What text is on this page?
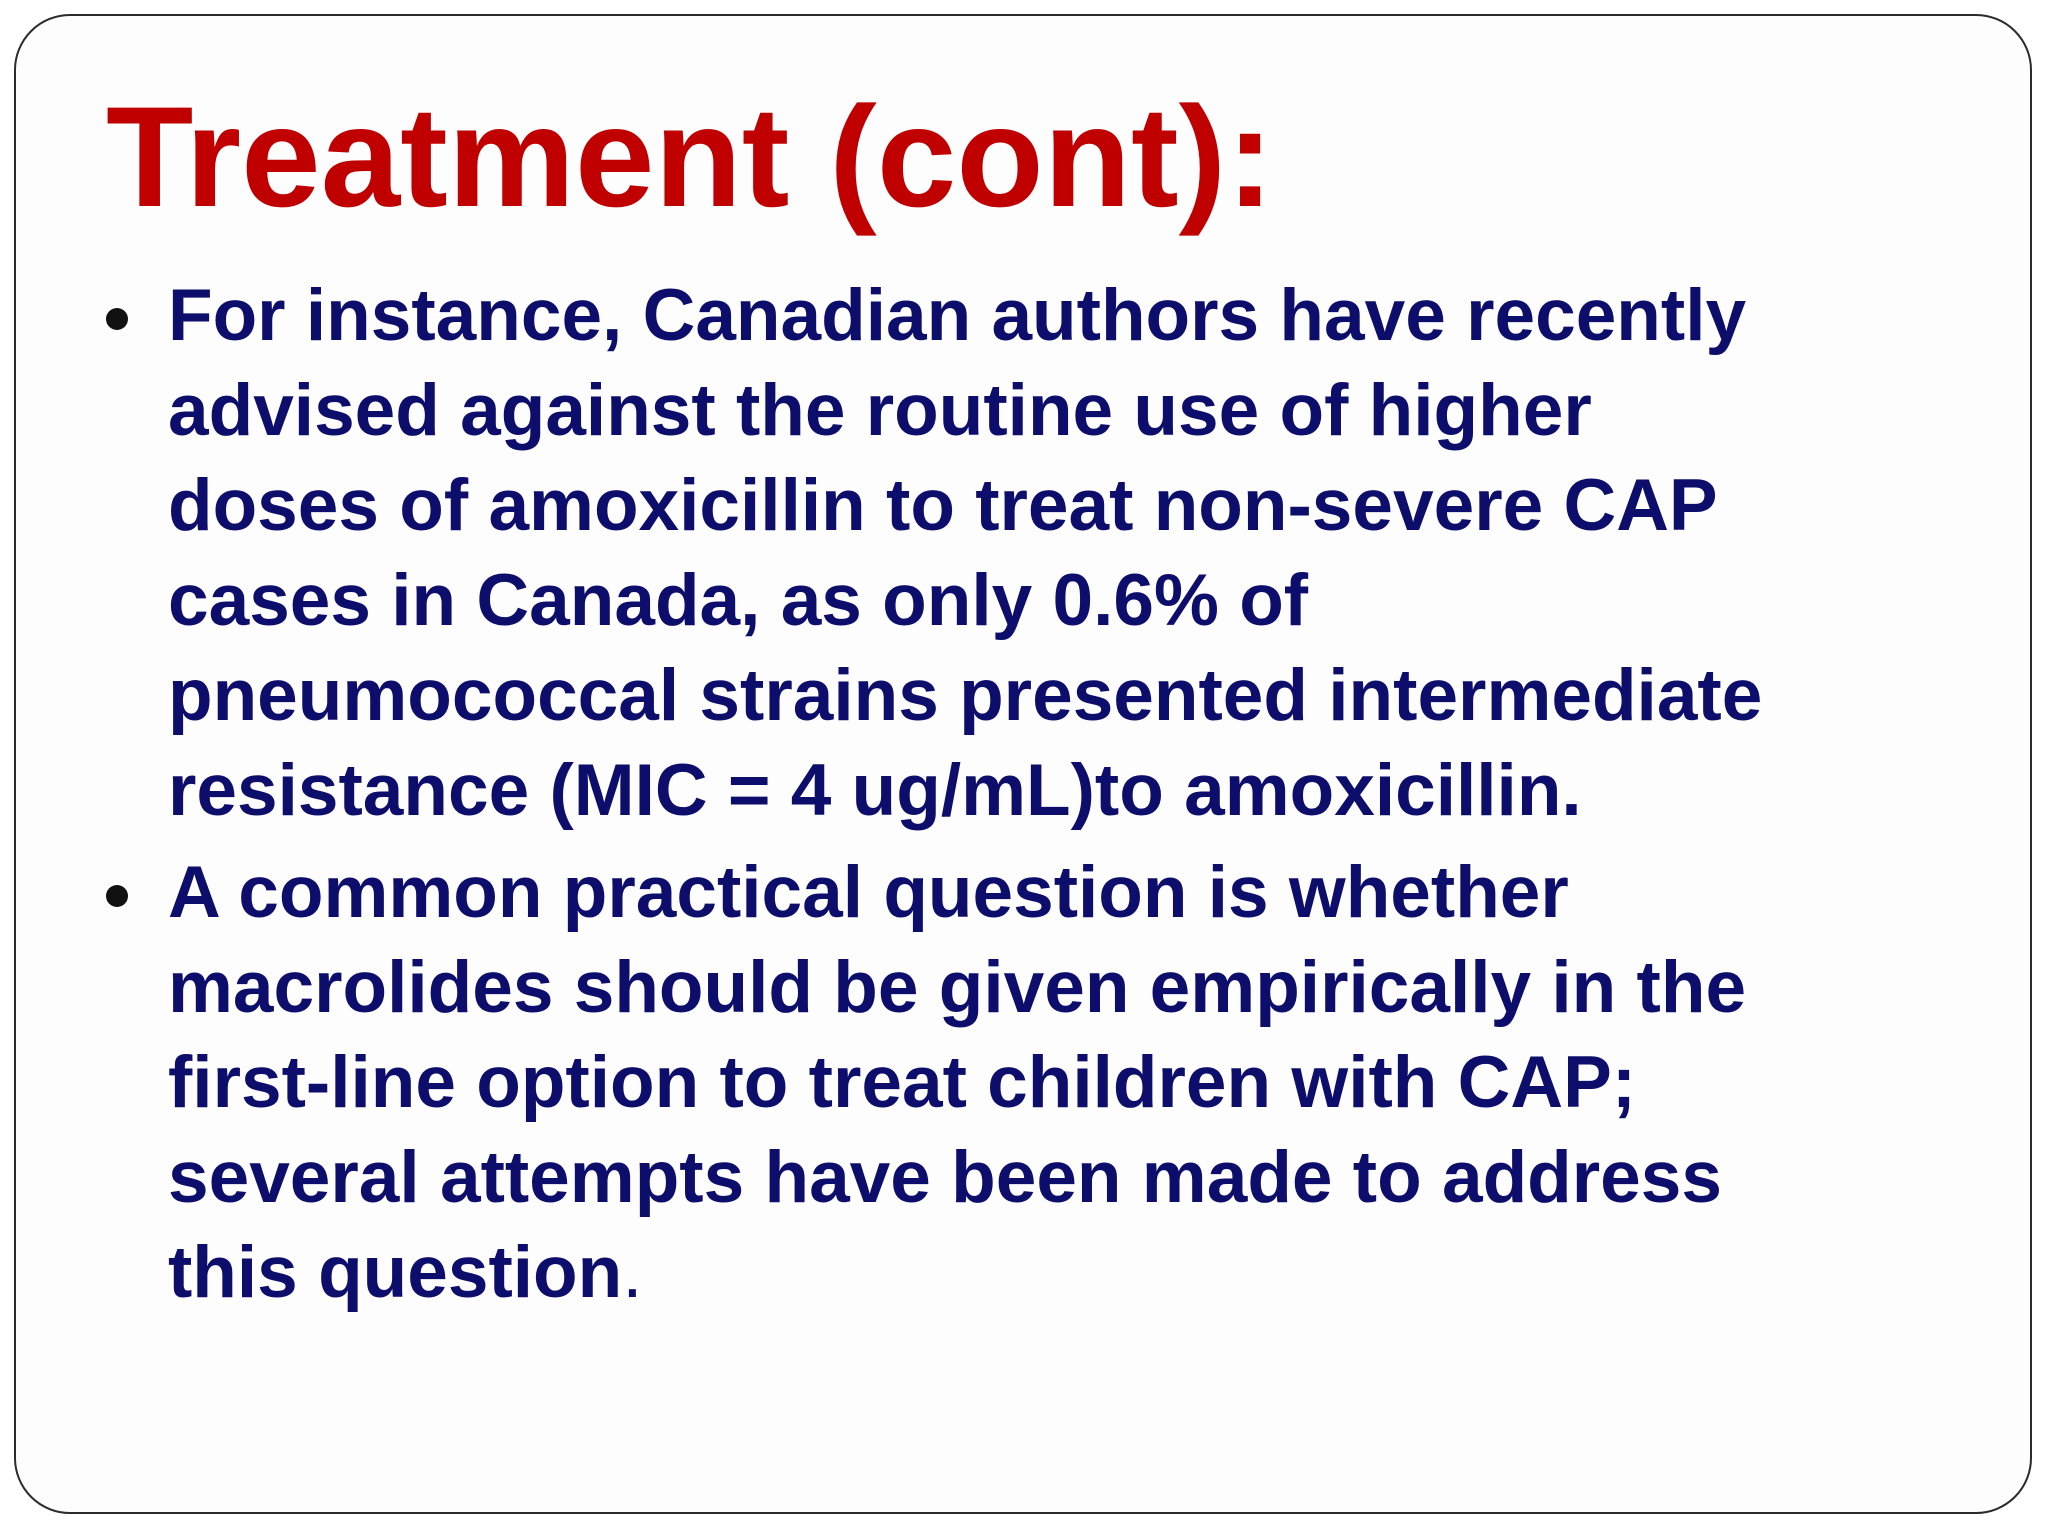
Treatment (cont):
For instance, Canadian authors have recently
advised against the routine use of higher
doses of amoxicillin to treat non-severe CAP
cases in Canada, as only 0.6% of
pneumococcal strains presented intermediate
resistance (MIC = 4 ug/mL)to amoxicillin.
A common practical question is whether
macrolides should be given empirically in the
first-line option to treat children with CAP;
several attempts have been made to address
this question.
